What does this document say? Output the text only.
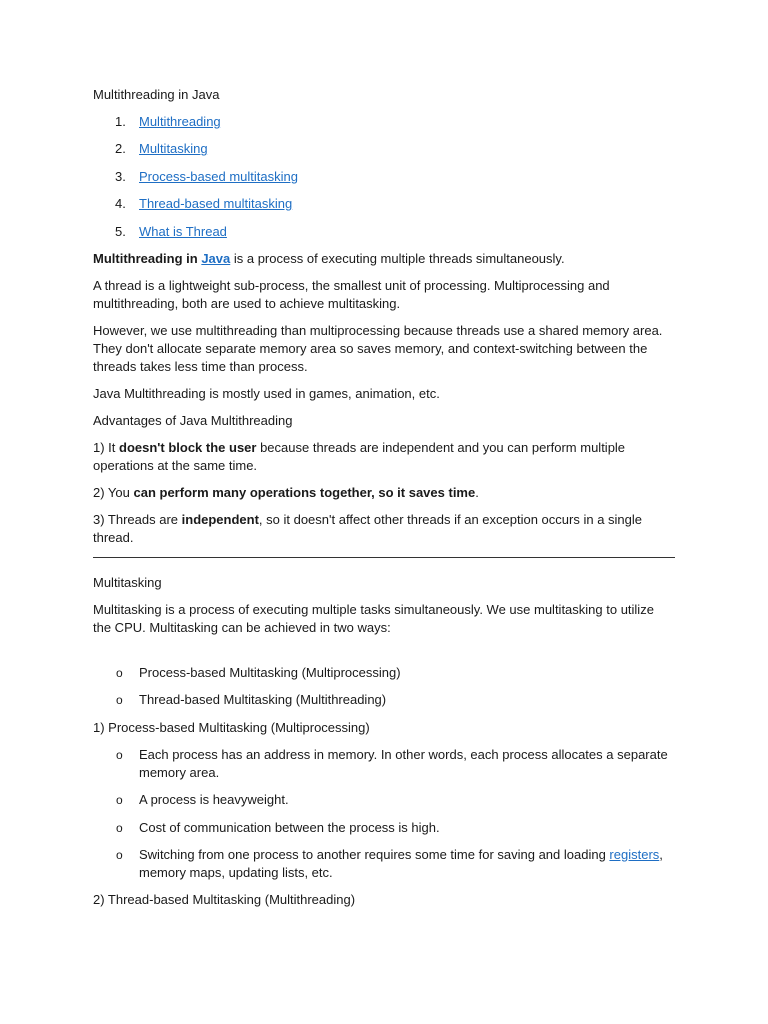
Multithreading in Java

1. Multithreading
2. Multitasking
3. Process-based multitasking
4. Thread-based multitasking
5. What is Thread

Multithreading in Java is a process of executing multiple threads simultaneously.

A thread is a lightweight sub-process, the smallest unit of processing. Multiprocessing and multithreading, both are used to achieve multitasking.

However, we use multithreading than multiprocessing because threads use a shared memory area. They don't allocate separate memory area so saves memory, and context-switching between the threads takes less time than process.

Java Multithreading is mostly used in games, animation, etc.

Advantages of Java Multithreading

1) It doesn't block the user because threads are independent and you can perform multiple operations at the same time.

2) You can perform many operations together, so it saves time.

3) Threads are independent, so it doesn't affect other threads if an exception occurs in a single thread.

Multitasking

Multitasking is a process of executing multiple tasks simultaneously. We use multitasking to utilize the CPU. Multitasking can be achieved in two ways:

o Process-based Multitasking (Multiprocessing)
o Thread-based Multitasking (Multithreading)

1) Process-based Multitasking (Multiprocessing)

o Each process has an address in memory. In other words, each process allocates a separate memory area.
o A process is heavyweight.
o Cost of communication between the process is high.
o Switching from one process to another requires some time for saving and loading registers, memory maps, updating lists, etc.

2) Thread-based Multitasking (Multithreading)
